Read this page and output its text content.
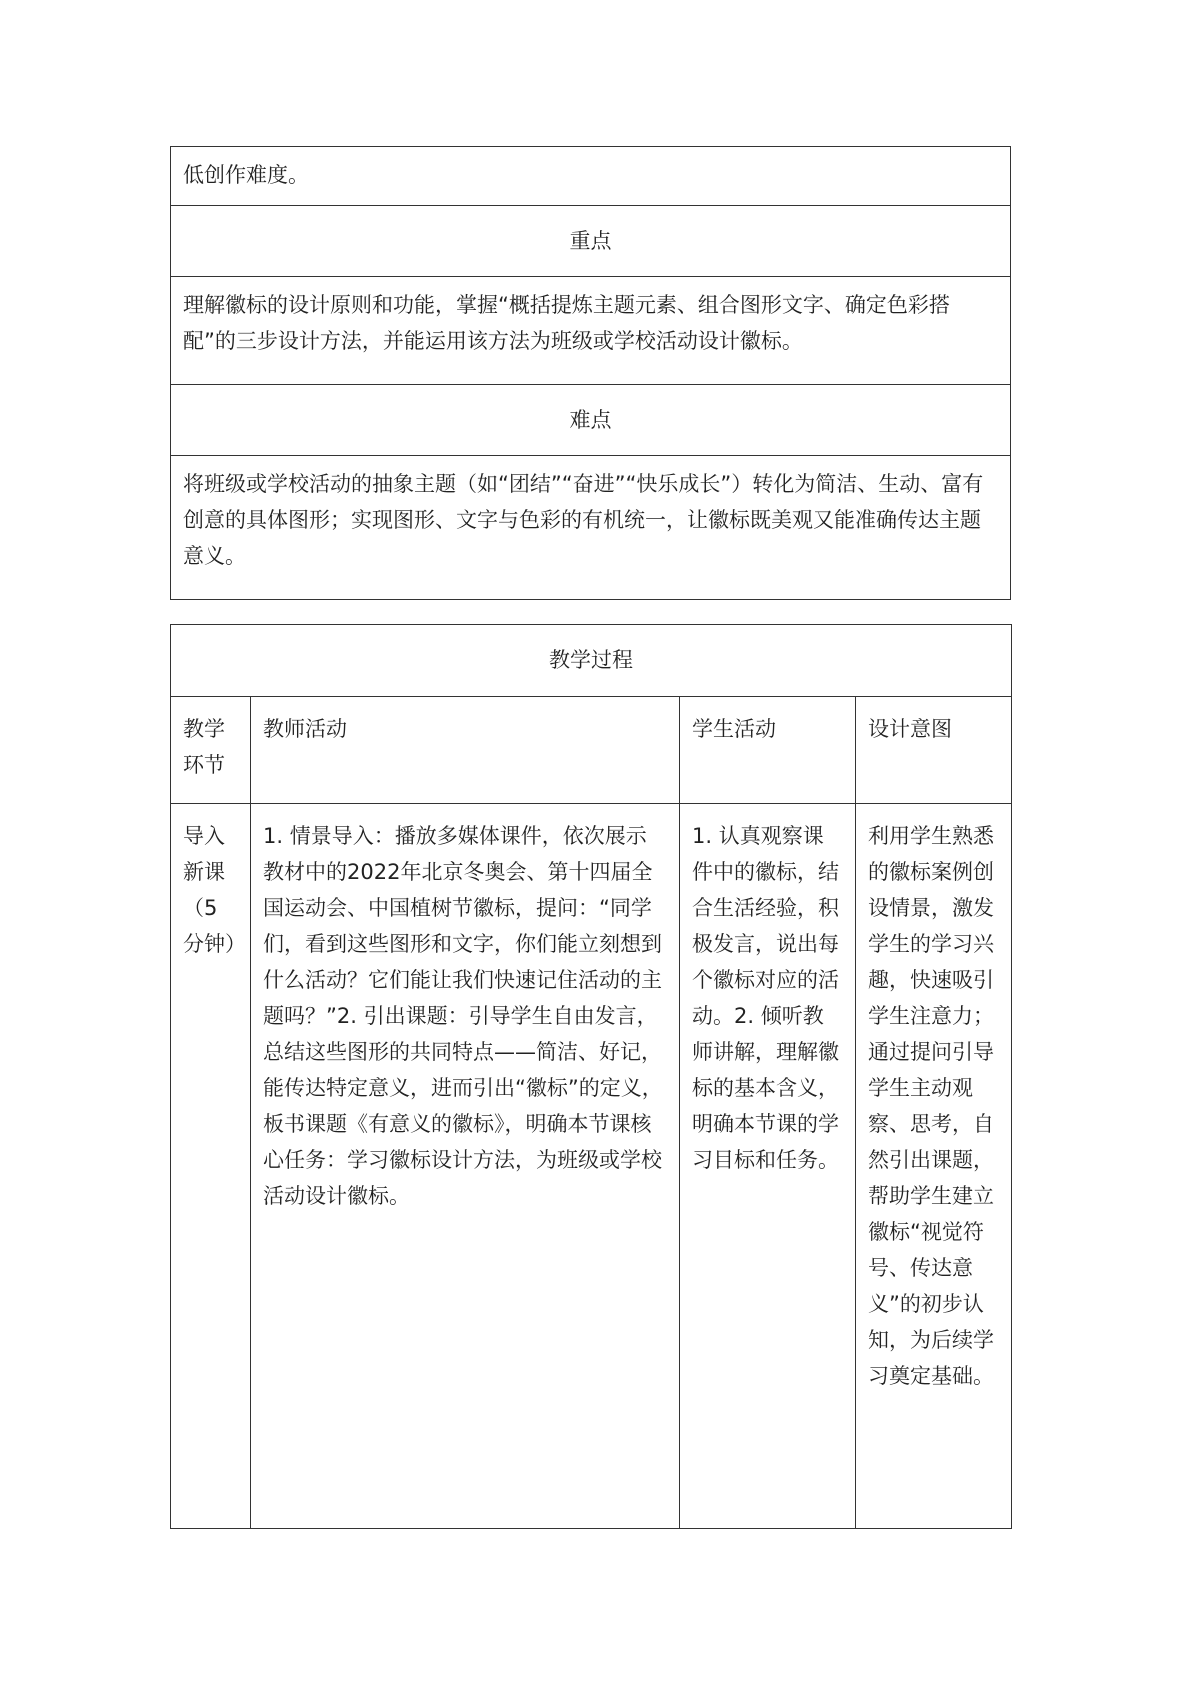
低创作难度。

重点

理解徽标的设计原则和功能，掌握“概括提炼主题元素、组合图形文字、确定色彩搭配”的三步设计方法，并能运用该方法为班级或学校活动设计徽标。

难点

将班级或学校活动的抽象主题（如“团结”“奋进”“快乐成长”）转化为简洁、生动、富有创意的具体图形；实现图形、文字与色彩的有机统一，让徽标既美观又能准确传达主题意义。
教学过程			

教学环节	教师活动	学生活动	设计意图

导入新课（5分钟）	1. 情景导入：播放多媒体课件，依次展示教材中的2022年北京冬奥会、第十四届全国运动会、中国植树节徽标，提问：“同学们，看到这些图形和文字，你们能立刻想到什么活动？它们能让我们快速记住活动的主题吗？”2. 引出课题：引导学生自由发言，总结这些图形的共同特点——简洁、好记，能传达特定意义，进而引出“徽标”的定义，板书课题《有意义的徽标》，明确本节课核心任务：学习徽标设计方法，为班级或学校活动设计徽标。	1. 认真观察课件中的徽标，结合生活经验，积极发言，说出每个徽标对应的活动。2. 倾听教师讲解，理解徽标的基本含义，明确本节课的学习目标和任务。	利用学生熟悉的徽标案例创设情景，激发学生的学习兴趣，快速吸引学生注意力；通过提问引导学生主动观察、思考，自然引出课题，帮助学生建立徽标“视觉符号、传达意义”的初步认知，为后续学习奠定基础。
